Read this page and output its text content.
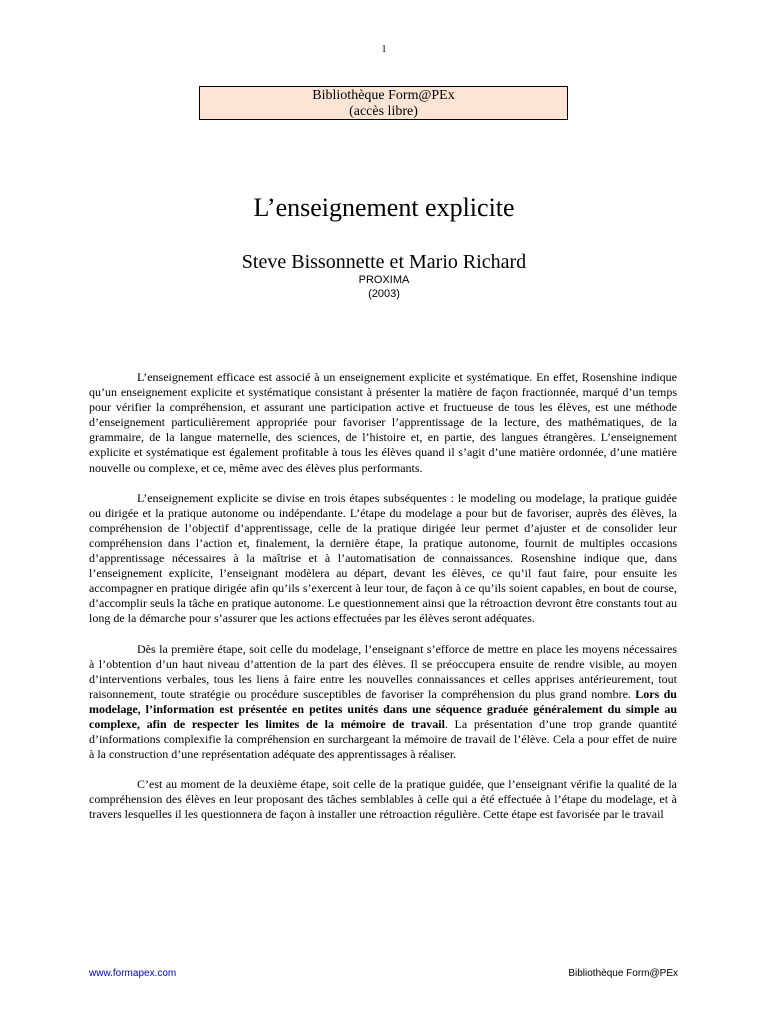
1
Bibliothèque Form@PEx
(accès libre)
L’enseignement explicite
Steve Bissonnette et Mario Richard
PROXIMA
(2003)

L’enseignement efficace est associé à un enseignement explicite et systématique. En effet, Rosenshine indique qu’un enseignement explicite et systématique consistant à présenter la matière de façon fractionnée, marqué d’un temps pour vérifier la compréhension, et assurant une participation active et fructueuse de tous les élèves, est une méthode d’enseignement particulièrement appropriée pour favoriser l’apprentissage de la lecture, des mathématiques, de la grammaire, de la langue maternelle, des sciences, de l’histoire et, en partie, des langues étrangères. L’enseignement explicite et systématique est également profitable à tous les élèves quand il s’agit d’une matière ordonnée, d’une matière nouvelle ou complexe, et ce, même avec des élèves plus performants.

L’enseignement explicite se divise en trois étapes subséquentes : le modeling ou modelage, la pratique guidée ou dirigée et la pratique autonome ou indépendante. L’étape du modelage a pour but de favoriser, auprès des élèves, la compréhension de l’objectif d’apprentissage, celle de la pratique dirigée leur permet d’ajuster et de consolider leur compréhension dans l’action et, finalement, la dernière étape, la pratique autonome, fournit de multiples occasions d’apprentissage nécessaires à la maîtrise et à l’automatisation de connaissances. Rosenshine indique que, dans l’enseignement explicite, l’enseignant modèlera au départ, devant les élèves, ce qu’il faut faire, pour ensuite les accompagner en pratique dirigée afin qu’ils s’exercent à leur tour, de façon à ce qu’ils soient capables, en bout de course, d’accomplir seuls la tâche en pratique autonome. Le questionnement ainsi que la rétroaction devront être constants tout au long de la démarche pour s’assurer que les actions effectuées par les élèves seront adéquates.

Dès la première étape, soit celle du modelage, l’enseignant s’efforce de mettre en place les moyens nécessaires à l’obtention d’un haut niveau d’attention de la part des élèves. Il se préoccupera ensuite de rendre visible, au moyen d’interventions verbales, tous les liens à faire entre les nouvelles connaissances et celles apprises antérieurement, tout raisonnement, toute stratégie ou procédure susceptibles de favoriser la compréhension du plus grand nombre. Lors du modelage, l’information est présentée en petites unités dans une séquence graduée généralement du simple au complexe, afin de respecter les limites de la mémoire de travail. La présentation d’une trop grande quantité d’informations complexifie la compréhension en surchargeant la mémoire de travail de l’élève. Cela a pour effet de nuire à la construction d’une représentation adéquate des apprentissages à réaliser.

C’est au moment de la deuxième étape, soit celle de la pratique guidée, que l’enseignant vérifie la qualité de la compréhension des élèves en leur proposant des tâches semblables à celle qui a été effectuée à l’étape du modelage, et à travers lesquelles il les questionnera de façon à installer une rétroaction régulière. Cette étape est favorisée par le travail

www.formapex.com	Bibliothèque Form@PEx
